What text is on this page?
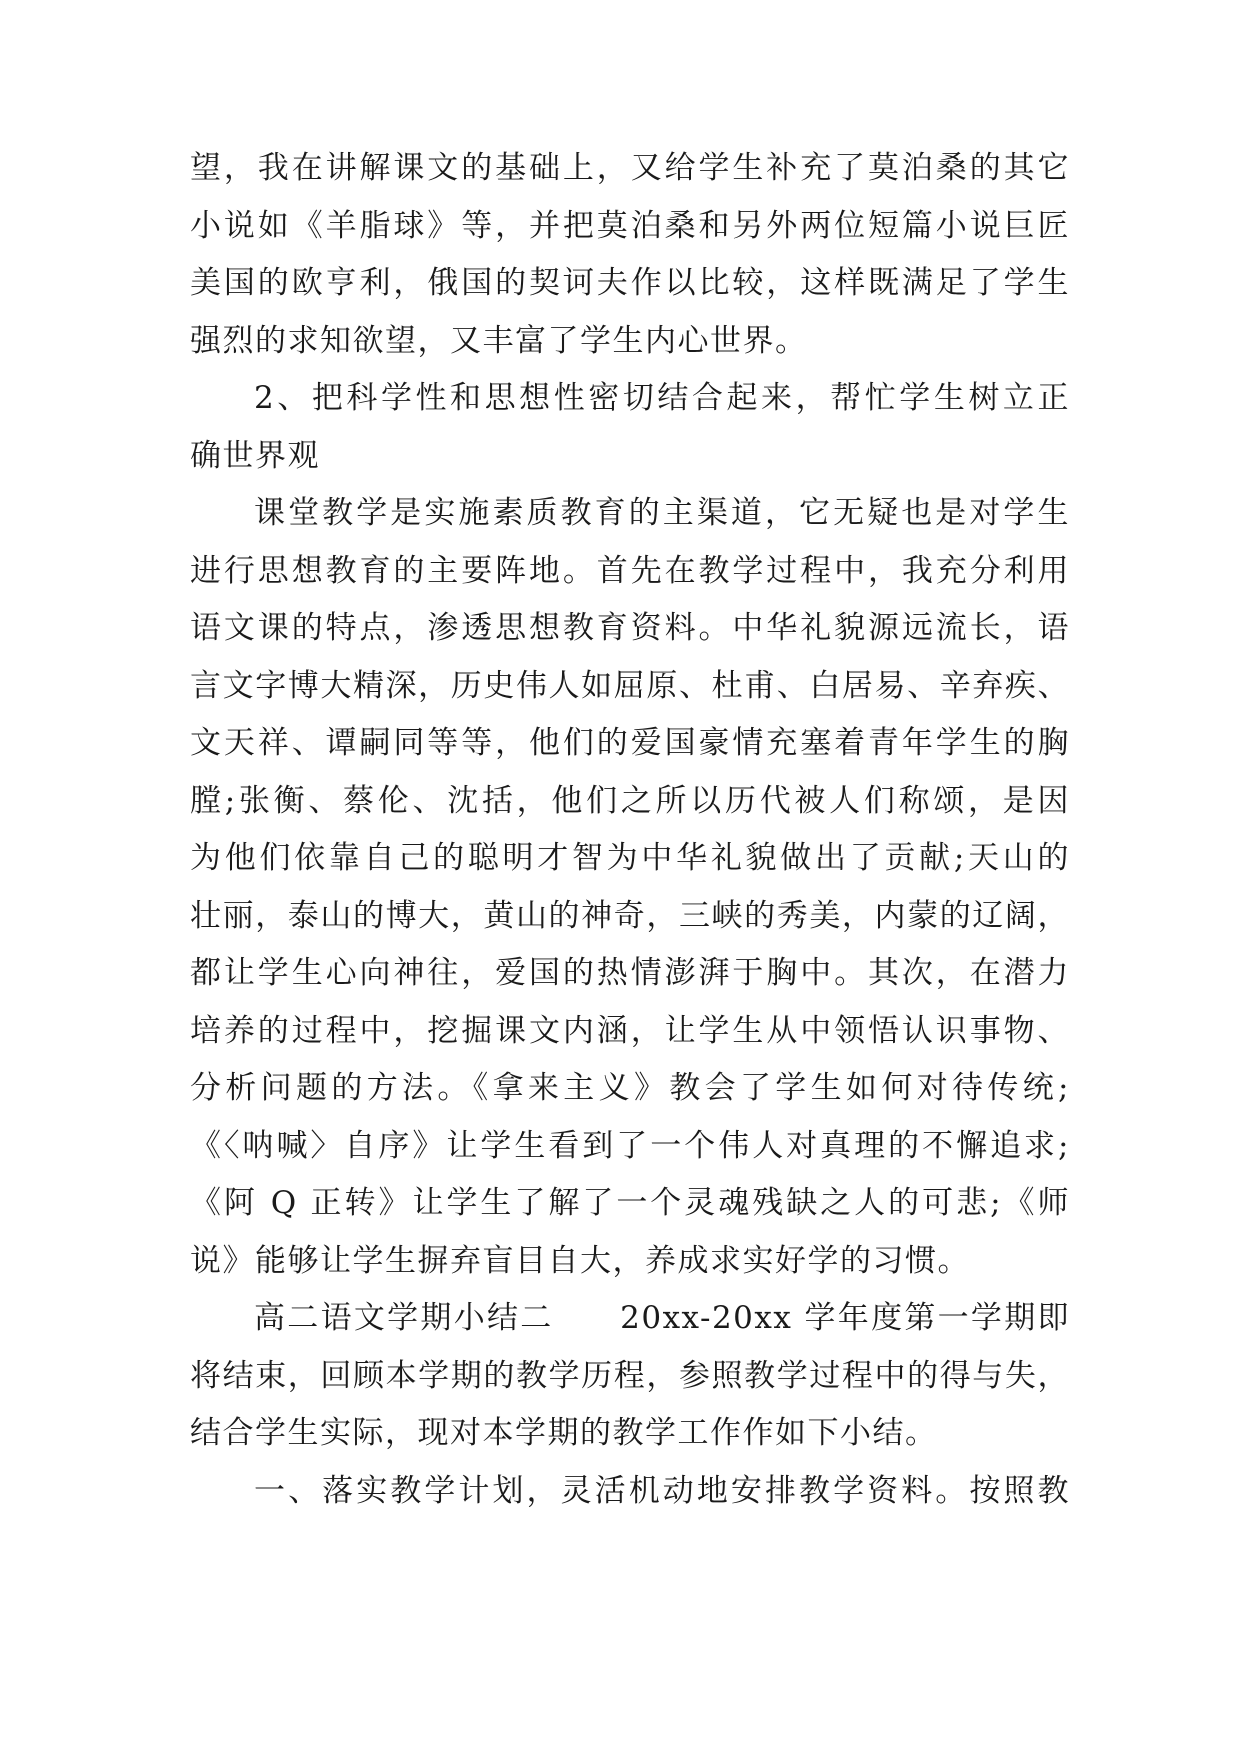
望，我在讲解课文的基础上，又给学生补充了莫泊桑的其它
小说如《羊脂球》等，并把莫泊桑和另外两位短篇小说巨匠
美国的欧亨利，俄国的契诃夫作以比较，这样既满足了学生
强烈的求知欲望，又丰富了学生内心世界。
2、把科学性和思想性密切结合起来，帮忙学生树立正
确世界观
课堂教学是实施素质教育的主渠道，它无疑也是对学生
进行思想教育的主要阵地。首先在教学过程中，我充分利用
语文课的特点，渗透思想教育资料。中华礼貌源远流长，语
言文字博大精深，历史伟人如屈原、杜甫、白居易、辛弃疾、
文天祥、谭嗣同等等，他们的爱国豪情充塞着青年学生的胸
膛;张衡、蔡伦、沈括，他们之所以历代被人们称颂，是因
为他们依靠自己的聪明才智为中华礼貌做出了贡献;天山的
壮丽，泰山的博大，黄山的神奇，三峡的秀美，内蒙的辽阔，
都让学生心向神往，爱国的热情澎湃于胸中。其次，在潜力
培养的过程中，挖掘课文内涵，让学生从中领悟认识事物、
分析问题的方法。《拿来主义》教会了学生如何对待传统;
《〈呐喊〉自序》让学生看到了一个伟人对真理的不懈追求;
《阿 Q 正转》让学生了解了一个灵魂残缺之人的可悲;《师
说》能够让学生摒弃盲目自大，养成求实好学的习惯。
高二语文学期小结二　　20xx-20xx 学年度第一学期即
将结束，回顾本学期的教学历程，参照教学过程中的得与失，
结合学生实际，现对本学期的教学工作作如下小结。
一、落实教学计划，灵活机动地安排教学资料。按照教
